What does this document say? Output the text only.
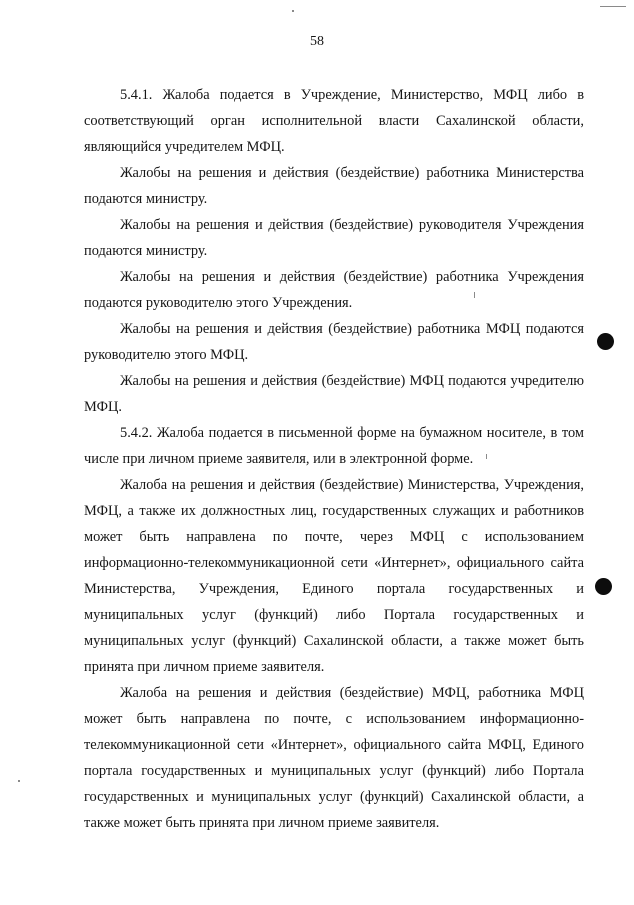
58

5.4.1. Жалоба подается в Учреждение, Министерство, МФЦ либо в соответствующий орган исполнительной власти Сахалинской области, являющийся учредителем МФЦ.

Жалобы на решения и действия (бездействие) работника Министерства подаются министру.

Жалобы на решения и действия (бездействие) руководителя Учреждения подаются министру.

Жалобы на решения и действия (бездействие) работника Учреждения подаются руководителю этого Учреждения.

Жалобы на решения и действия (бездействие) работника МФЦ подаются руководителю этого МФЦ.

Жалобы на решения и действия (бездействие) МФЦ подаются учредителю МФЦ.

5.4.2. Жалоба подается в письменной форме на бумажном носителе, в том числе при личном приеме заявителя, или в электронной форме.

Жалоба на решения и действия (бездействие) Министерства, Учреждения, МФЦ, а также их должностных лиц, государственных служащих и работников может быть направлена по почте, через МФЦ с использованием информационно-телекоммуникационной сети «Интернет», официального сайта Министерства, Учреждения, Единого портала государственных и муниципальных услуг (функций) либо Портала государственных и муниципальных услуг (функций) Сахалинской области, а также может быть принята при личном приеме заявителя.

Жалоба на решения и действия (бездействие) МФЦ, работника МФЦ может быть направлена по почте, с использованием информационно-телекоммуникационной сети «Интернет», официального сайта МФЦ, Единого портала государственных и муниципальных услуг (функций) либо Портала государственных и муниципальных услуг (функций) Сахалинской области, а также может быть принята при личном приеме заявителя.
